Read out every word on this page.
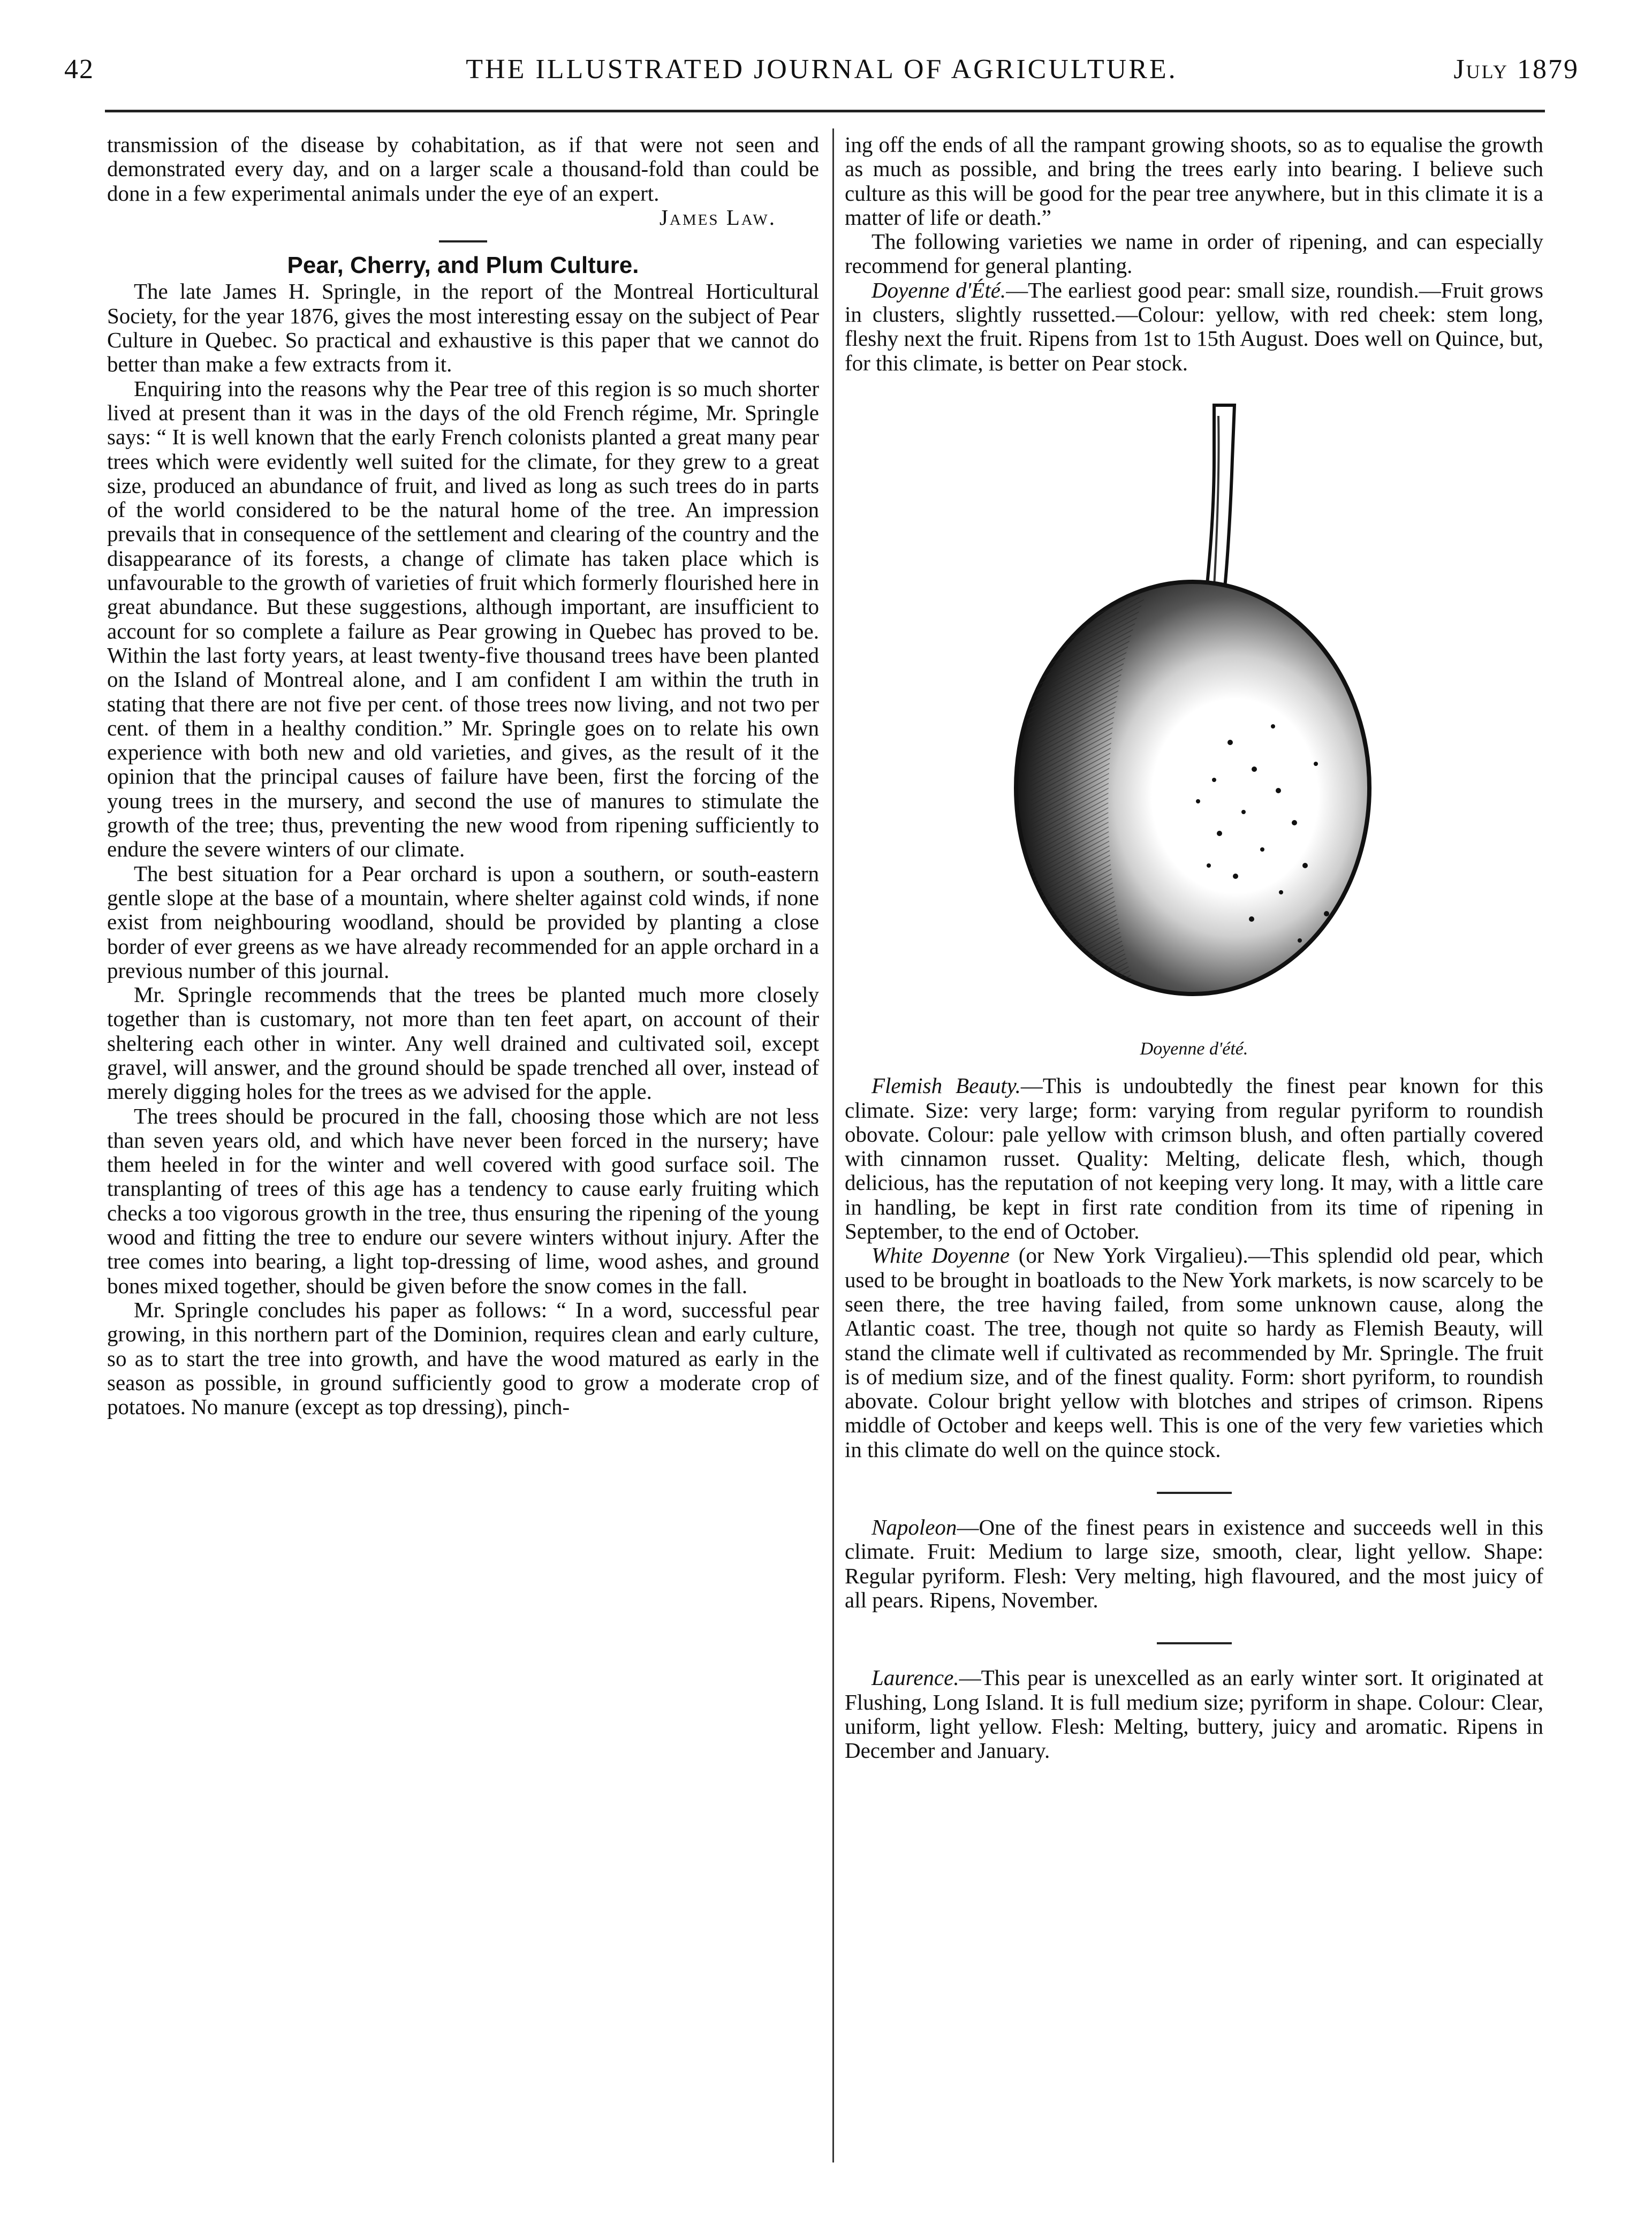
42	THE ILLUSTRATED JOURNAL OF AGRICULTURE.	July 1879

transmission of the disease by cohabitation, as if that were not seen and demonstrated every day, and on a larger scale a thousand-fold than could be done in a few experimental animals under the eye of an expert.

James Law.
Pear, Cherry, and Plum Culture.

The late James H. Springle, in the report of the Montreal Horticultural Society, for the year 1876, gives the most interesting essay on the subject of Pear Culture in Quebec. So practical and exhaustive is this paper that we cannot do better than make a few extracts from it.

Enquiring into the reasons why the Pear tree of this region is so much shorter lived at present than it was in the days of the old French régime, Mr. Springle says: “ It is well known that the early French colonists planted a great many pear trees which were evidently well suited for the climate, for they grew to a great size, produced an abundance of fruit, and lived as long as such trees do in parts of the world considered to be the natural home of the tree. An impression prevails that in consequence of the settlement and clearing of the country and the disappearance of its forests, a change of climate has taken place which is unfavourable to the growth of varieties of fruit which formerly flourished here in great abundance. But these suggestions, although important, are insufficient to account for so complete a failure as Pear growing in Quebec has proved to be. Within the last forty years, at least twenty-five thousand trees have been planted on the Island of Montreal alone, and I am confident I am within the truth in stating that there are not five per cent. of those trees now living, and not two per cent. of them in a healthy condition.” Mr. Springle goes on to relate his own experience with both new and old varieties, and gives, as the result of it the opinion that the principal causes of failure have been, first the forcing of the young trees in the mursery, and second the use of manures to stimulate the growth of the tree; thus, preventing the new wood from ripening sufficiently to endure the severe winters of our climate.

The best situation for a Pear orchard is upon a southern, or south-eastern gentle slope at the base of a mountain, where shelter against cold winds, if none exist from neighbouring woodland, should be provided by planting a close border of ever greens as we have already recommended for an apple orchard in a previous number of this journal.

Mr. Springle recommends that the trees be planted much more closely together than is customary, not more than ten feet apart, on account of their sheltering each other in winter. Any well drained and cultivated soil, except gravel, will answer, and the ground should be spade trenched all over, instead of merely digging holes for the trees as we advised for the apple.

The trees should be procured in the fall, choosing those which are not less than seven years old, and which have never been forced in the nursery; have them heeled in for the winter and well covered with good surface soil. The transplanting of trees of this age has a tendency to cause early fruiting which checks a too vigorous growth in the tree, thus ensuring the ripening of the young wood and fitting the tree to endure our severe winters without injury. After the tree comes into bearing, a light top-dressing of lime, wood ashes, and ground bones mixed together, should be given before the snow comes in the fall.

Mr. Springle concludes his paper as follows: “ In a word, successful pear growing, in this northern part of the Dominion, requires clean and early culture, so as to start the tree into growth, and have the wood matured as early in the season as possible, in ground sufficiently good to grow a moderate crop of potatoes. No manure (except as top dressing), pinch-

ing off the ends of all the rampant growing shoots, so as to equalise the growth as much as possible, and bring the trees early into bearing. I believe such culture as this will be good for the pear tree anywhere, but in this climate it is a matter of life or death.”

The following varieties we name in order of ripening, and can especially recommend for general planting.

Doyenne d'Été.—The earliest good pear: small size, roundish.—Fruit grows in clusters, slightly russetted.—Colour: yellow, with red cheek: stem long, fleshy next the fruit. Ripens from 1st to 15th August. Does well on Quince, but, for this climate, is better on Pear stock.

Doyenne d'été.

Flemish Beauty.—This is undoubtedly the finest pear known for this climate. Size: very large; form: varying from regular pyriform to roundish obovate. Colour: pale yellow with crimson blush, and often partially covered with cinnamon russet. Quality: Melting, delicate flesh, which, though delicious, has the reputation of not keeping very long. It may, with a little care in handling, be kept in first rate condition from its time of ripening in September, to the end of October.

White Doyenne (or New York Virgalieu).—This splendid old pear, which used to be brought in boatloads to the New York markets, is now scarcely to be seen there, the tree having failed, from some unknown cause, along the Atlantic coast. The tree, though not quite so hardy as Flemish Beauty, will stand the climate well if cultivated as recommended by Mr. Springle. The fruit is of medium size, and of the finest quality. Form: short pyriform, to roundish abovate. Colour bright yellow with blotches and stripes of crimson. Ripens middle of October and keeps well. This is one of the very few varieties which in this climate do well on the quince stock.

Napoleon—One of the finest pears in existence and succeeds well in this climate. Fruit: Medium to large size, smooth, clear, light yellow. Shape: Regular pyriform. Flesh: Very melting, high flavoured, and the most juicy of all pears. Ripens, November.

Laurence.—This pear is unexcelled as an early winter sort. It originated at Flushing, Long Island. It is full medium size; pyriform in shape. Colour: Clear, uniform, light yellow. Flesh: Melting, buttery, juicy and aromatic. Ripens in December and January.
